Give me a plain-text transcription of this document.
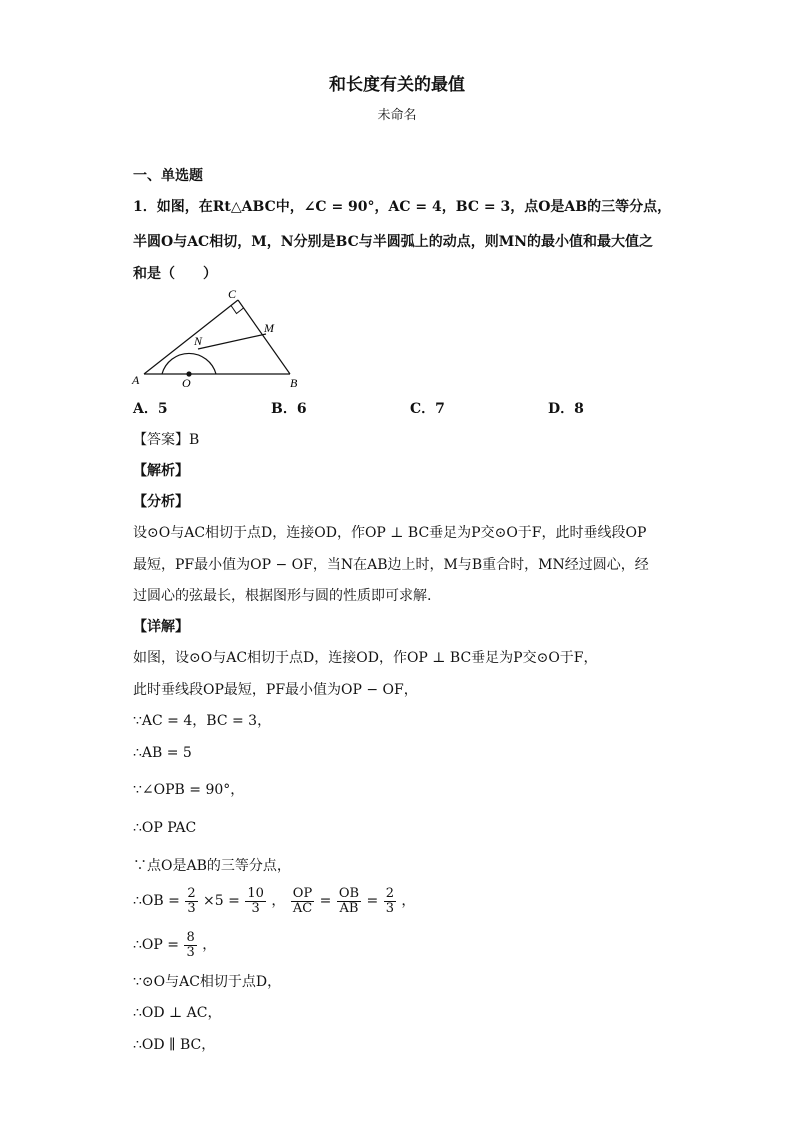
和长度有关的最值
未命名
一、单选题
1．如图，在Rt△ABC中，∠C = 90°，AC = 4，BC = 3，点O是AB的三等分点，
半圆O与AC相切，M，N分别是BC与半圆弧上的动点，则MN的最小值和最大值之
和是（　　）
A	B
C
O
M
N
A．5	B．6	C．7	D．8
【答案】B
【解析】
【分析】
设⊙O与AC相切于点D，连接OD，作OP ⊥ BC垂足为P交⊙O于F，此时垂线段OP
最短，PF最小值为OP − OF，当N在AB边上时，M与B重合时，MN经过圆心，经
过圆心的弦最长，根据图形与圆的性质即可求解.
【详解】
如图，设⊙O与AC相切于点D，连接OD，作OP ⊥ BC垂足为P交⊙O于F，
此时垂线段OP最短，PF最小值为OP − OF，
∵AC = 4，BC = 3，
∴AB = 5
∵∠OPB = 90°，
∴OP PAC
∵点O是AB的三等分点，
∴OB = $\frac{2}{3} \times 5 = \frac{10}{3}$ ， $\frac{OP}{AC} = \frac{OB}{AB} = \frac{2}{3}$ ，
∴OP = $\frac{8}{3}$ ，
∵⊙O与AC相切于点D，
∴OD ⊥ AC，
∴OD ∥ BC，
